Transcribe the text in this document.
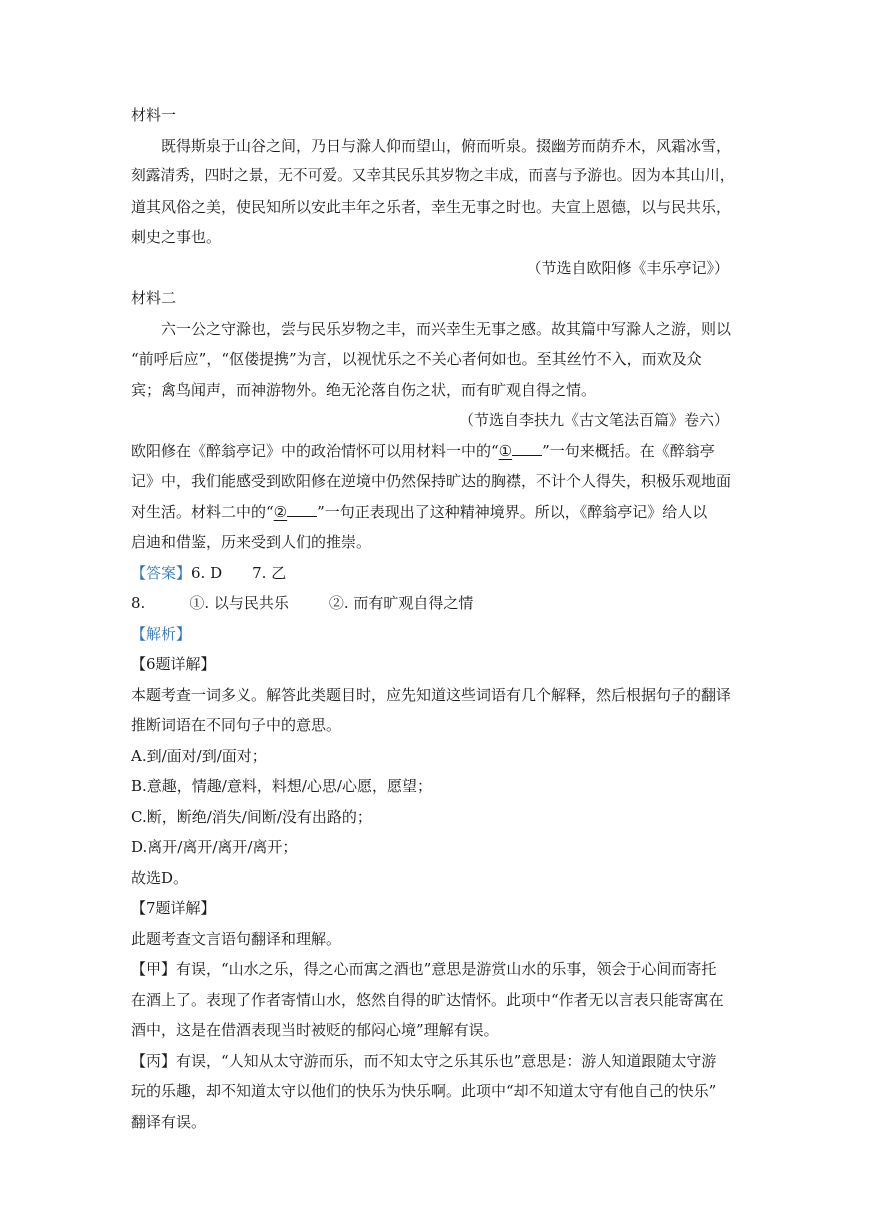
材料一
既得斯泉于山谷之间，乃日与滁人仰而望山，俯而听泉。掇幽芳而荫乔木，风霜冰雪，
刻露清秀，四时之景，无不可爱。又幸其民乐其岁物之丰成，而喜与予游也。因为本其山川，
道其风俗之美，使民知所以安此丰年之乐者，幸生无事之时也。夫宣上恩德，以与民共乐，
刺史之事也。
（节选自欧阳修《丰乐亭记》）
材料二
六一公之守滁也，尝与民乐岁物之丰，而兴幸生无事之感。故其篇中写滁人之游，则以
“前呼后应”，“伛偻提携”为言，以视忧乐之不关心者何如也。至其丝竹不入，而欢及众
宾；禽鸟闻声，而神游物外。绝无沦落自伤之状，而有旷观自得之情。
（节选自李扶九《古文笔法百篇》卷六）
欧阳修在《醉翁亭记》中的政治情怀可以用材料一中的“① ”一句来概括。在《醉翁亭
记》中，我们能感受到欧阳修在逆境中仍然保持旷达的胸襟，不计个人得失，积极乐观地面
对生活。材料二中的“② ”一句正表现出了这种精神境界。所以，《醉翁亭记》给人以
启迪和借鉴，历来受到人们的推崇。
【答案】6. D 7. 乙
8.	①. 以与民共乐	②. 而有旷观自得之情
【解析】
【6题详解】
本题考查一词多义。解答此类题目时，应先知道这些词语有几个解释，然后根据句子的翻译
推断词语在不同句子中的意思。
A.到/面对/到/面对；
B.意趣，情趣/意料，料想/心思/心愿，愿望；
C.断，断绝/消失/间断/没有出路的；
D.离开/离开/离开/离开；
故选D。
【7题详解】
此题考查文言语句翻译和理解。
【甲】有误，“山水之乐，得之心而寓之酒也”意思是游赏山水的乐事，领会于心间而寄托
在酒上了。表现了作者寄情山水，悠然自得的旷达情怀。此项中“作者无以言表只能寄寓在
酒中，这是在借酒表现当时被贬的郁闷心境”理解有误。
【丙】有误，“人知从太守游而乐，而不知太守之乐其乐也”意思是：游人知道跟随太守游
玩的乐趣，却不知道太守以他们的快乐为快乐啊。此项中“却不知道太守有他自己的快乐”
翻译有误。
